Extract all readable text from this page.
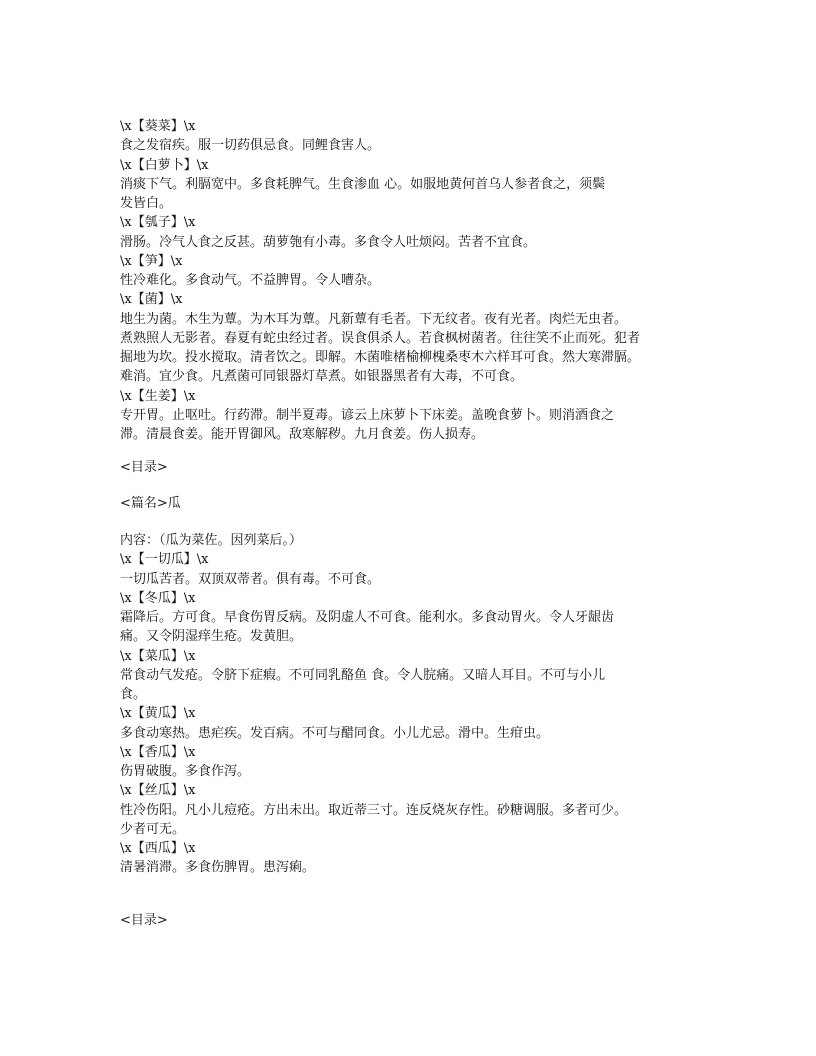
\x【葵菜】\x
食之发宿疾。服一切药俱忌食。同鲤食害人。
\x【白萝卜】\x
消痰下气。利膈宽中。多食耗脾气。生食渗血 心。如服地黄何首乌人参者食之，须鬓
发皆白。
\x【瓠子】\x
滑肠。冷气人食之反甚。葫萝匏有小毒。多食令人吐烦闷。苦者不宜食。
\x【笋】\x
性冷难化。多食动气。不益脾胃。令人嘈杂。
\x【菌】\x
地生为菌。木生为蕈。为木耳为蕈。凡新蕈有毛者。下无纹者。夜有光者。肉烂无虫者。
煮熟照人无影者。春夏有蛇虫经过者。误食俱杀人。若食枫树菌者。往往笑不止而死。犯者
掘地为坎。投水搅取。清者饮之。即解。木菌唯楮榆柳槐桑枣木六样耳可食。然大寒滞膈。
难消。宜少食。凡煮菌可同银器灯草煮。如银器黑者有大毒，不可食。
\x【生姜】\x
专开胃。止呕吐。行药滞。制半夏毒。谚云上床萝卜下床姜。盖晚食萝卜。则消酒食之
滞。清晨食姜。能开胃御风。敌寒解秽。九月食姜。伤人损寿。
<目录>
<篇名>瓜
内容：（瓜为菜佐。因列菜后。）
\x【一切瓜】\x
一切瓜苦者。双顶双蒂者。俱有毒。不可食。
\x【冬瓜】\x
霜降后。方可食。早食伤胃反病。及阴虚人不可食。能利水。多食动胃火。令人牙龈齿
痛。又令阴湿痒生疮。发黄胆。
\x【菜瓜】\x
常食动气发疮。令脐下症瘕。不可同乳酪鱼 食。令人脘痛。又暗人耳目。不可与小儿
食。
\x【黄瓜】\x
多食动寒热。患疟疾。发百病。不可与醋同食。小儿尤忌。滑中。生疳虫。
\x【香瓜】\x
伤胃破腹。多食作泻。
\x【丝瓜】\x
性冷伤阳。凡小儿痘疮。方出未出。取近蒂三寸。连反烧灰存性。砂糖调服。多者可少。
少者可无。
\x【西瓜】\x
清暑消滞。多食伤脾胃。患泻痢。
<目录>
